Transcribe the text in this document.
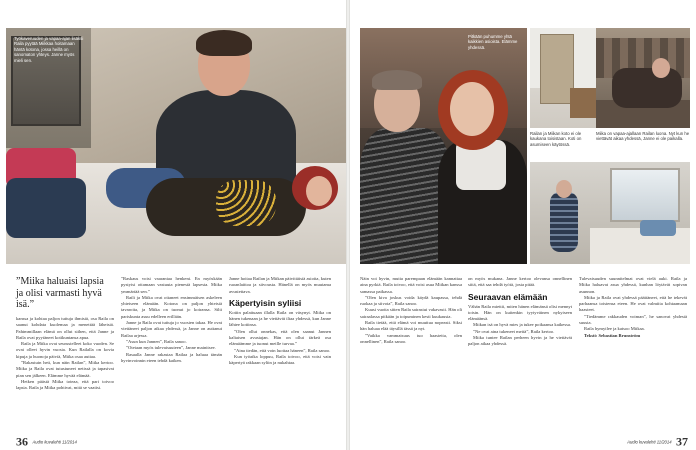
Työkaveruuden ja vapaa-ajan lisäksi Raila pyytää Miikkaa hoitamaan häntä kotona, jossa heillä on sanomaton yhteys. Janne myös mieli sen.
”Miika haluaisi lapsia ja olisi varmasti hyvä isä.”

kanssa ja kohtaa paljon tuttuja ihmisiä, osa Raila on saanut kohdata kuolemaa ja menettää läheisiä. Pahimmillaan elämä on ollut siihen, että Janne ja Raila ovat pyytäneet kotikuntansa apua.

Raila ja Miika ovat seurustelleet koko vuoden. Se ovat olleet hyvin vuosia. Kun Railalla on kovia kipuja ja huonoja päiviä, Miika osaa auttaa.

”Rakastuin heti, kun näin Railan”, Miika kertoo. Miika ja Raila ovat tutustuneet netissä ja tapasivat pian sen jälkeen. Elämme hyvää elämää.

Hetken päästä Miika toteaa, että pari toivoo lapsia. Raila ja Miika pohtivat, mitä se vaatisi.

”Raskaus voisi vaarantaa henkeni. En myöskään pystyisi ottamaan vastuuta pienestä lapsesta. Miika ymmärtää sen.”

Raili ja Miika ovat ottaneet ensimmäisen askeleen yhteiseen elämään. Kotona on paljon yhteisiä tavaroita, ja Miika on tuonut jo koiransa. Silti pariskunta asuu edelleen erillään.

Janne ja Raila ovat tuttuja jo vuosien takaa. He ovat viettäneet paljon aikaa yhdessä, ja Janne on auttanut Railaa arjessa.

”Asun kun Jannen”, Raila sanoo.

”Otetaan myös tulevaisuuteen”, Janne mainitsee.

Rasaalla Janne rakastaa Railaa ja haluaa tämän hyvinvoinnin eteen tehdä kaiken.

Janne hoitaa Railan ja Miikan päivittäisiä asioita, kuten ruoanlaittoa ja siivousta. Hänellä on myös muutama avustettava.

Käpertyisin syliisi

Kotiin palattuaan illalla Raila on väsynyt. Miika on hänen tukenaan ja he viettävät iltaa yhdessä, kun Janne lähtee kotiinsa.

”Olen ollut onnekas, että olen saanut Jannen kaltaisen avustajan. Hän on ollut tärkeä osa elämäämme ja tuonut meille turvaa.”

”Aina tiedän, että voin luottaa häneen”, Raila sanoo.

Kun työaika loppuu, Raila toivoo, että voisi vain käpertyä rakkaan syliin ja nukahtaa.

36 Audio kuvalehti 11/2014
Pitkään puhumme yhtä kaikkien asioista. Elämme yhdessä.
Railan ja Miikan koto ei ole kaukana toisistaan. Koti on asumiseen käytössä.
Miika on vapaa-ajallaan Railan luona. Nyt kun he viettävät aikaa yhdessä, Janne ei ole paikalla.

Näin voi hyvin, mutta parempaan elämään kannattaa aina pyrkiä. Raila toivoo, että voisi asua Miikan kanssa samassa paikassa.

”Olen kiva joskus voida käydä kaupassa, tehdä ruokaa ja siivota”, Raila sanoo.

Kuusi vuotta sitten Raila sairastui vakavasti. Hän oli sairaalassa pitkään ja toipuminen kesti kuukausia.

Raila tietää, että elämä voi muuttua nopeasti. Siksi hän haluaa elää täysillä tässä ja nyt.

”Vaikka vammaisuus tuo haasteita, olen onnellinen”, Raila sanoo.

on myös mukana. Janne kertoo olevansa onnellinen siitä, että saa tehdä työtä, josta pitää.

Seuraavan elämään

Vähän Raila miettii, miten hänen elämänsä olisi mennyt toisin. Hän on kuitenkin tyytyväinen nykyiseen elämäänsä.

Miikan isä on hyvä mies ja tukee poikaansa kaikessa.

”Ne ovat aina tukeneet meitä”, Raila kertoo.

Miika tuntee Railan perheen hyvin ja he viettävät paljon aikaa yhdessä.

Tulevaisuuden suunnitelmat ovat vielä auki. Raila ja Miika haluavat asua yhdessä, kunhan löytävät sopivan asunnon.

Miika ja Raila ovat yhdessä päättäneet, että he tekevät parhaansa toistensa eteen. He ovat valmiita kohtaamaan haasteet.

”Tiedämme rakkauden voiman”, he sanovat yhdestä suusta.

Raila hymyilee ja katsoo Miikaa.

Teksti: Sebastian Brunström

Audio kuvalehti 11/2014 37
